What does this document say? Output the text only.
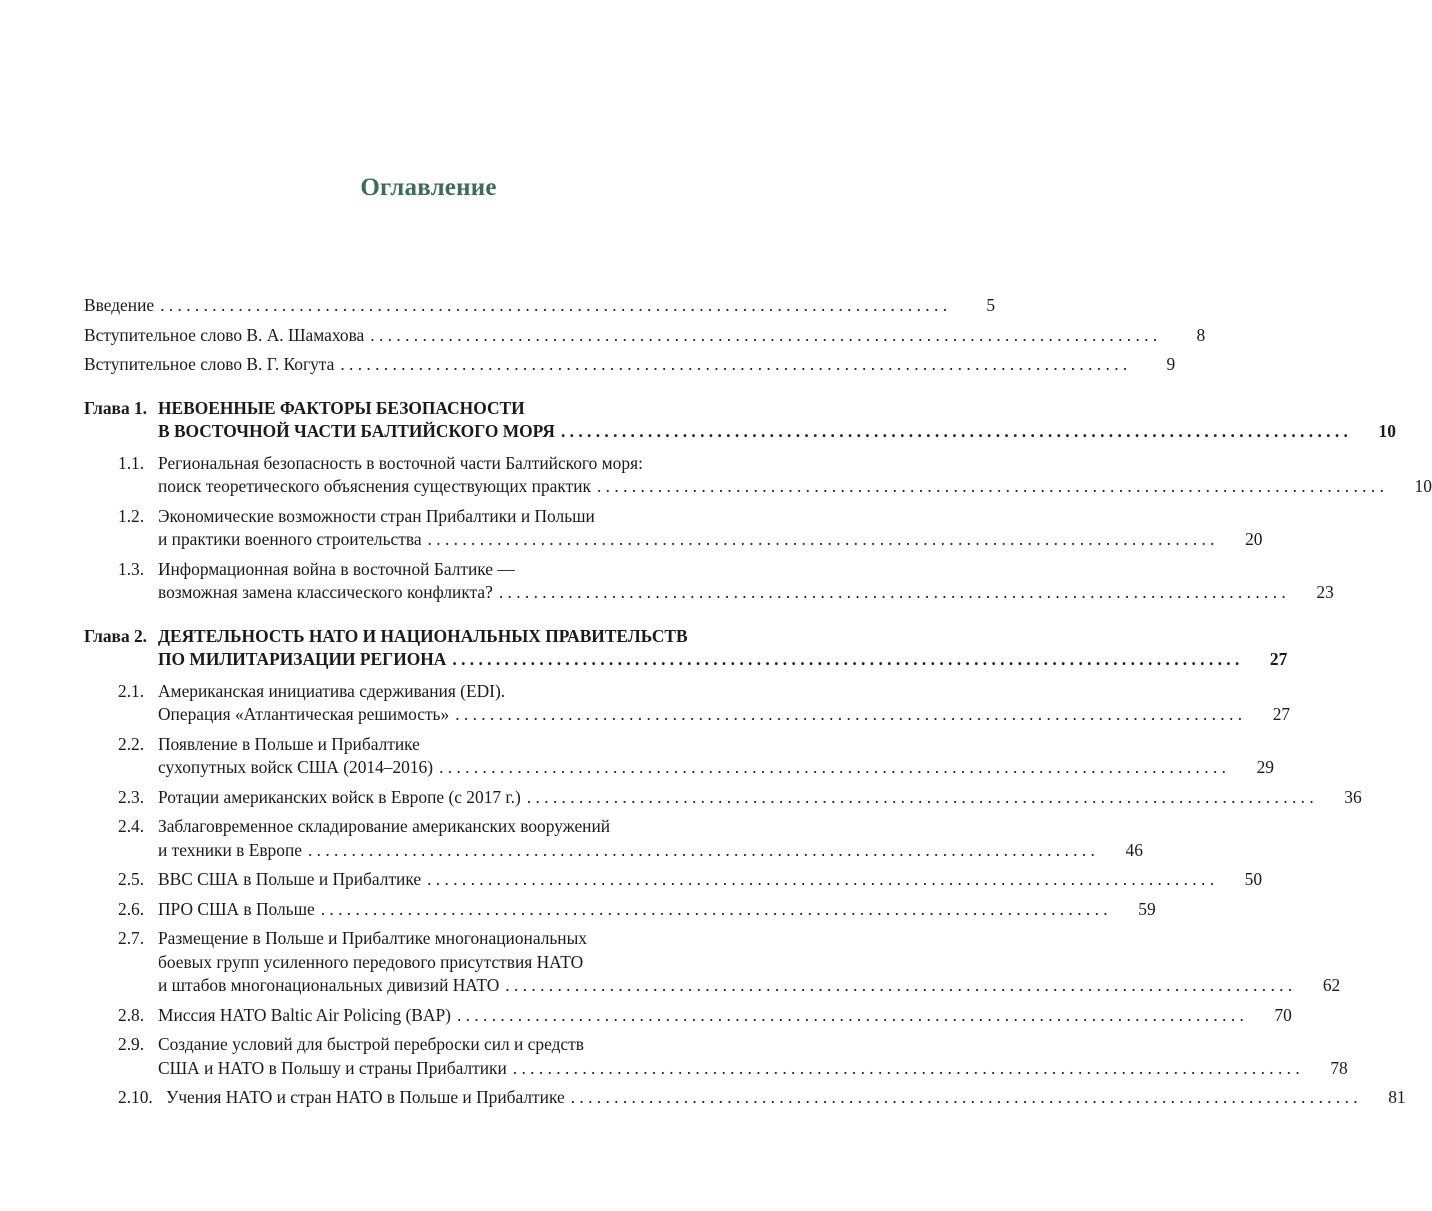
Оглавление
Введение . . .	5
Вступительное слово В. А. Шамахова . . .	8
Вступительное слово В. Г. Когута . . .	9
Глава 1. НЕВОЕННЫЕ ФАКТОРЫ БЕЗОПАСНОСТИ
В ВОСТОЧНОЙ ЧАСТИ БАЛТИЙСКОГО МОРЯ . . .	10
1.1. Региональная безопасность в восточной части Балтийского моря:
поиск теоретического объяснения существующих практик . . .	10
1.2. Экономические возможности стран Прибалтики и Польши
и практики военного строительства . . .	20
1.3. Информационная война в восточной Балтике —
возможная замена классического конфликта? . . .	23
Глава 2. ДЕЯТЕЛЬНОСТЬ НАТО И НАЦИОНАЛЬНЫХ ПРАВИТЕЛЬСТВ
ПО МИЛИТАРИЗАЦИИ РЕГИОНА . . .	27
2.1. Американская инициатива сдерживания (EDI).
Операция «Атлантическая решимость» . . .	27
2.2. Появление в Польше и Прибалтике
сухопутных войск США (2014–2016) . . .	29
2.3. Ротации американских войск в Европе (с 2017 г.) . . .	36
2.4. Заблаговременное складирование американских вооружений
и техники в Европе . . .	46
2.5. ВВС США в Польше и Прибалтике . . .	50
2.6. ПРО США в Польше . . .	59
2.7. Размещение в Польше и Прибалтике многонациональных
боевых групп усиленного передового присутствия НАТО
и штабов многонациональных дивизий НАТО . . .	62
2.8. Миссия НАТО Baltic Air Policing (BAP) . . .	70
2.9. Создание условий для быстрой переброски сил и средств
США и НАТО в Польшу и страны Прибалтики . . .	78
2.10. Учения НАТО и стран НАТО в Польше и Прибалтике . . .	81
